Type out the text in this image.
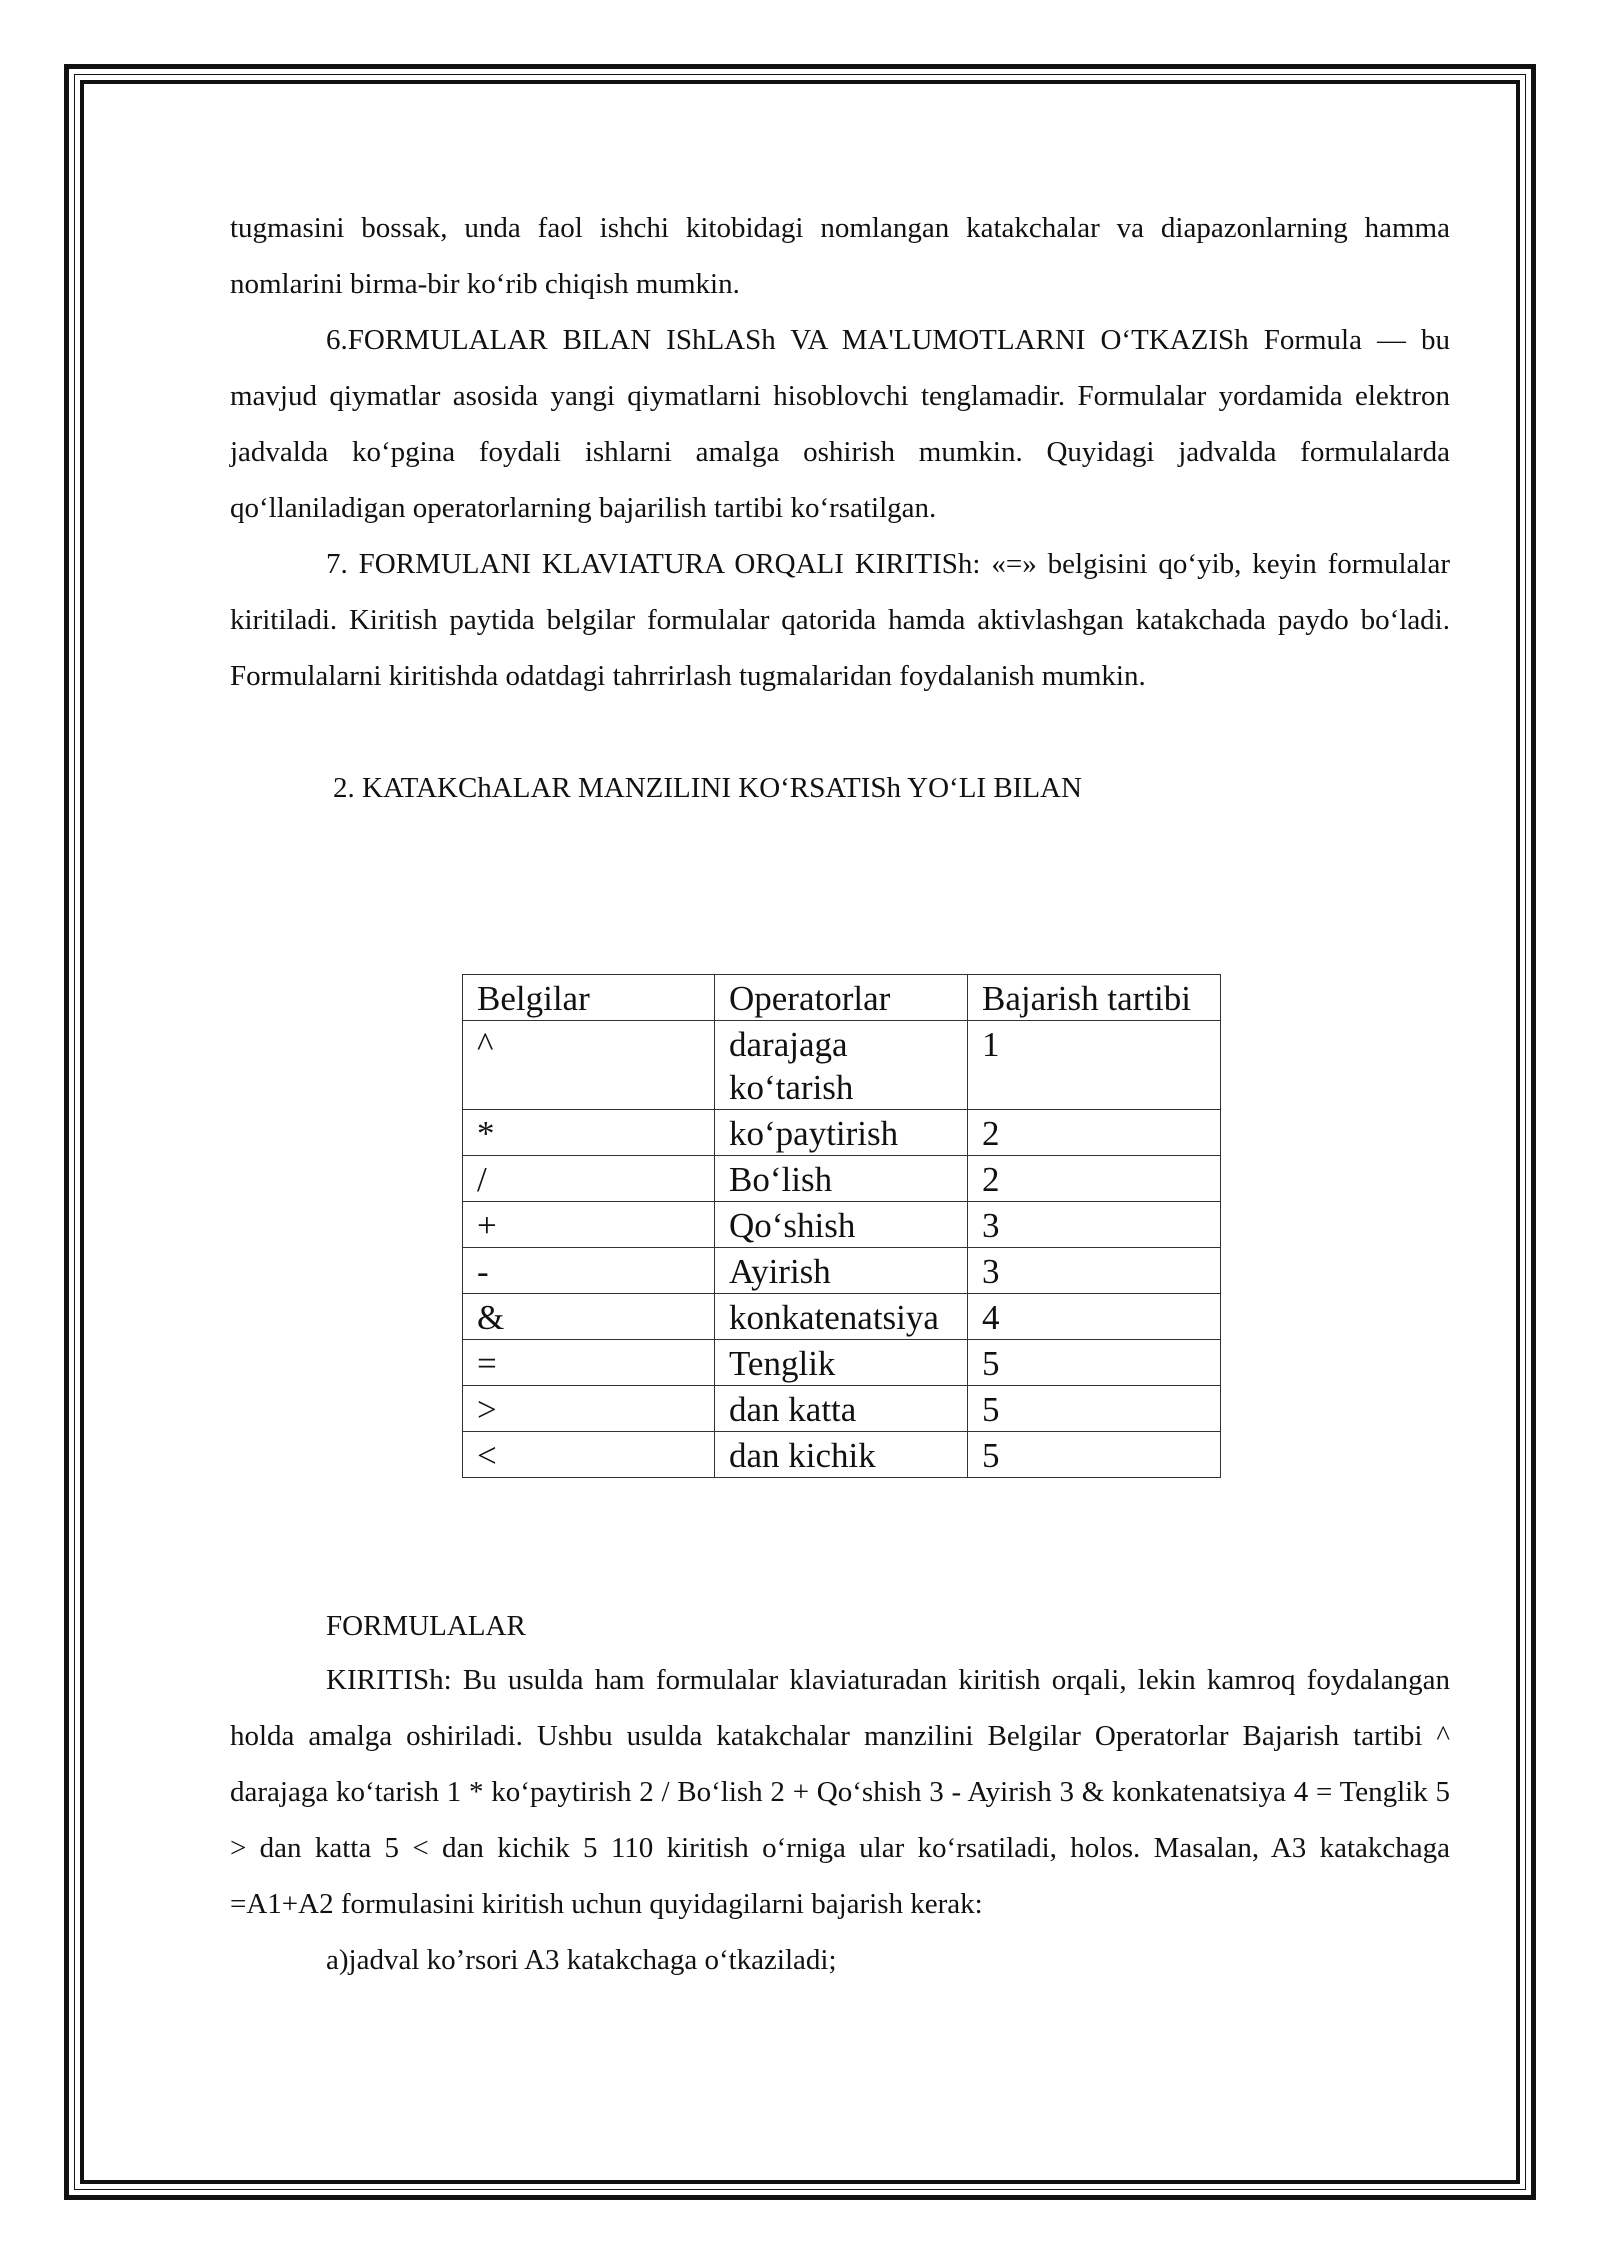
tugmasini bossak, unda faol ishchi kitobidagi nomlangan katakchalar va diapazonlarning hamma nomlarini birma-bir koʻrib chiqish mumkin.

6.FORMULALAR BILAN IShLASh VA MA'LUMOTLARNI OʻTKAZISh Formula — bu mavjud qiymatlar asosida yangi qiymatlarni hisoblovchi tenglamadir. Formulalar yordamida elektron jadvalda koʻpgina foydali ishlarni amalga oshirish mumkin. Quyidagi jadvalda formulalarda qoʻllaniladigan operatorlarning bajarilish tartibi koʻrsatilgan.

7. FORMULANI KLAVIATURA ORQALI KIRITISh: «=» belgisini qoʻyib, keyin formulalar kiritiladi. Kiritish paytida belgilar formulalar qatorida hamda aktivlashgan katakchada paydo boʻladi. Formulalarni kiritishda odatdagi tahrrirlash tugmalaridan foydalanish mumkin.

2. KATAKChALAR MANZILINI KOʻRSATISh YOʻLI BILAN
Belgilar	Operatorlar	Bajarish tartibi
^	darajaga koʻtarish	1
*	koʻpaytirish	2
/	Boʻlish	2
+	Qoʻshish	3
-	Ayirish	3
&	konkatenatsiya	4
=	Tenglik	5
>	dan katta	5
<	dan kichik	5
FORMULALAR

KIRITISh: Bu usulda ham formulalar klaviaturadan kiritish orqali, lekin kamroq foydalangan holda amalga oshiriladi. Ushbu usulda katakchalar manzilini Belgilar Operatorlar Bajarish tartibi ^ darajaga koʻtarish 1 * koʻpaytirish 2 / Boʻlish 2 + Qoʻshish 3 - Ayirish 3 & konkatenatsiya 4 = Tenglik 5 > dan katta 5 < dan kichik 5 110 kiritish oʻrniga ular koʻrsatiladi, holos. Masalan, A3 katakchaga =A1+A2 formulasini kiritish uchun quyidagilarni bajarish kerak:

a)jadval koʼrsori A3 katakchaga oʻtkaziladi;
